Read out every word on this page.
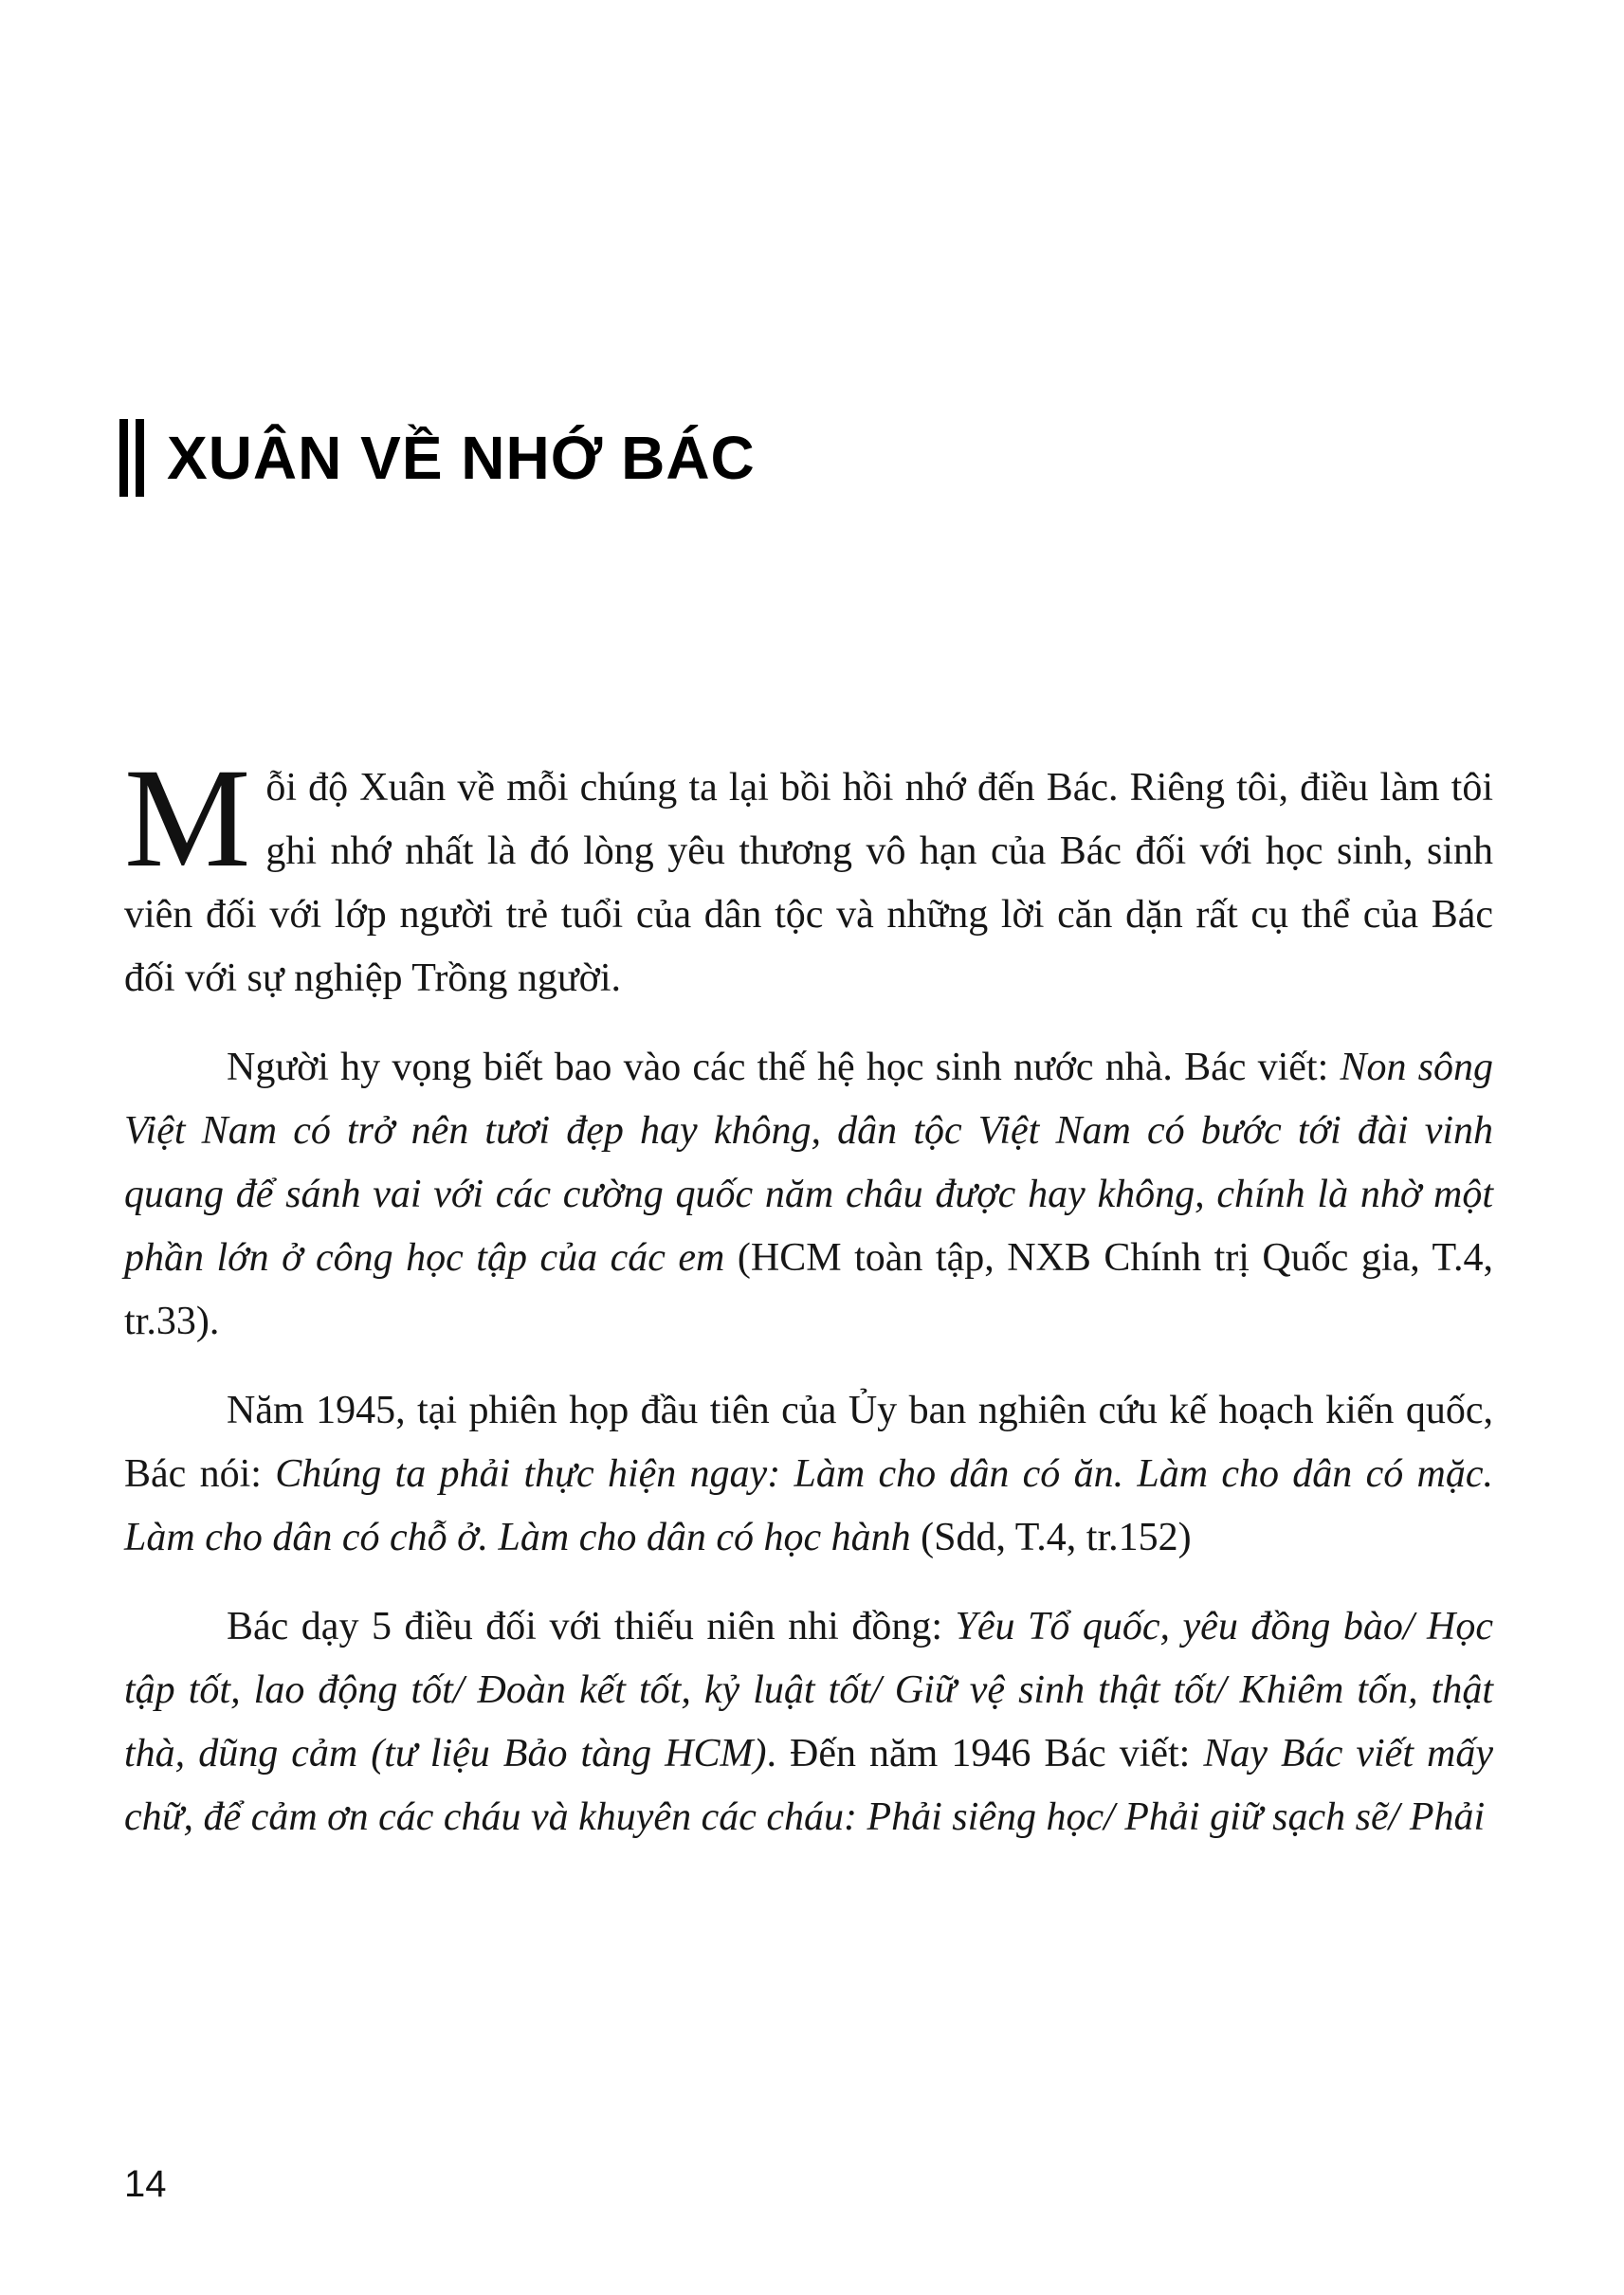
XUÂN VỀ NHỚ BÁC

Mỗi độ Xuân về mỗi chúng ta lại bồi hồi nhớ đến Bác. Riêng tôi, điều làm tôi ghi nhớ nhất là đó lòng yêu thương vô hạn của Bác đối với học sinh, sinh viên đối với lớp người trẻ tuổi của dân tộc và những lời căn dặn rất cụ thể của Bác đối với sự nghiệp Trồng người.

Người hy vọng biết bao vào các thế hệ học sinh nước nhà. Bác viết: Non sông Việt Nam có trở nên tươi đẹp hay không, dân tộc Việt Nam có bước tới đài vinh quang để sánh vai với các cường quốc năm châu được hay không, chính là nhờ một phần lớn ở công học tập của các em (HCM toàn tập, NXB Chính trị Quốc gia, T.4, tr.33).

Năm 1945, tại phiên họp đầu tiên của Ủy ban nghiên cứu kế hoạch kiến quốc, Bác nói: Chúng ta phải thực hiện ngay: Làm cho dân có ăn. Làm cho dân có mặc. Làm cho dân có chỗ ở. Làm cho dân có học hành (Sdd, T.4, tr.152)

Bác dạy 5 điều đối với thiếu niên nhi đồng: Yêu Tổ quốc, yêu đồng bào/ Học tập tốt, lao động tốt/ Đoàn kết tốt, kỷ luật tốt/ Giữ vệ sinh thật tốt/ Khiêm tốn, thật thà, dũng cảm (tư liệu Bảo tàng HCM). Đến năm 1946 Bác viết: Nay Bác viết mấy chữ, để cảm ơn các cháu và khuyên các cháu: Phải siêng học/ Phải giữ sạch sẽ/ Phải

14
